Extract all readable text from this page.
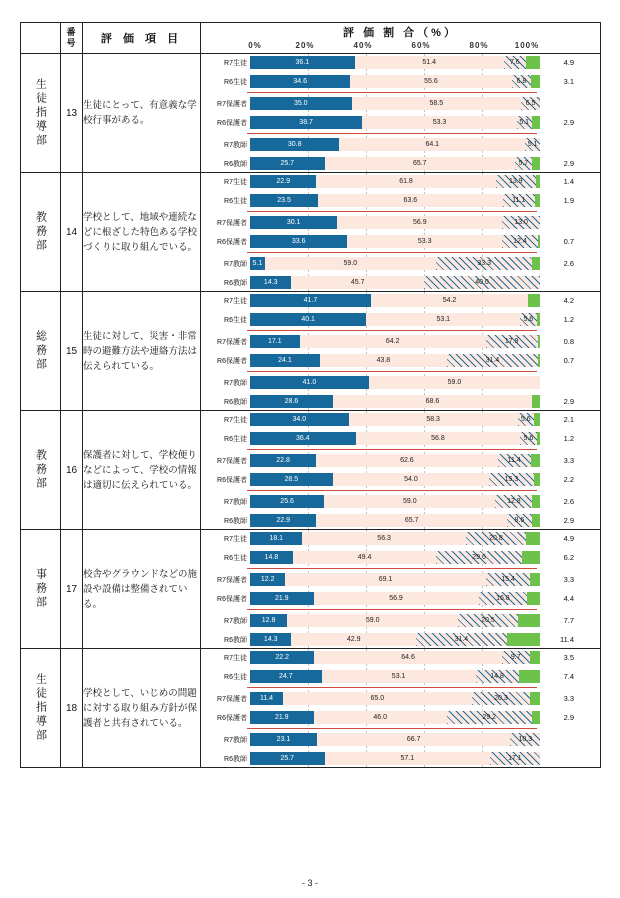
	番
号	評 価 項 目	評 価 割 合（%）
0%	20%	40%	60%	80%	100%

生徒指導部	13	生徒にとって、有意義な学校行事がある。	
R7生徒	36.1	51.4	7.6	4.9
R6生徒	34.6	55.6	6.8	3.1
R7保護者	35.0	58.5	6.5
R6保護者	38.7	53.3	5.1	2.9
R7教師	30.8	64.1	5.1
R6教師	25.7	65.7	5.7	2.9

教務部	14	学校として、地域や連続などに根ざした特色ある学校づくりに取り組んでいる。	
R7生徒	22.9	61.8	13.9	1.4
R6生徒	23.5	63.6	11.1	1.9
R7保護者	30.1	56.9	13.0
R6保護者	33.6	53.3	12.4	0.7
R7教師 5.1	59.0	33.3	2.6
R6教師	14.3	45.7	40.0

総務部	15	生徒に対して、災害・非常時の避難方法や連絡方法は伝えられている。	
R7生徒	41.7	54.2	4.2
R6生徒	40.1	53.1	5.6	1.2
R7保護者	17.1	64.2	17.9	0.8
R6保護者	24.1	43.8	31.4	0.7
R7教師	41.0	59.0
R6教師	28.6	68.6	2.9

教務部	16	保護者に対して、学校便りなどによって、学校の情報は適切に伝えられている。	
R7生徒	34.0	58.3	5.6	2.1
R6生徒	36.4	56.8	5.6	1.2
R7保護者	22.8	62.6	11.4	3.3
R6保護者	28.5	54.0	15.3	2.2
R7教師	25.6	59.0	12.8	2.6
R6教師	22.9	65.7	8.6	2.9

事務部	17	校舎やグラウンドなどの施設や設備は整備されている。	
R7生徒	18.1	56.3	20.8	4.9
R6生徒	14.8	49.4	29.6	6.2
R7保護者	12.2	69.1	15.4	3.3
R6保護者	21.9	56.9	16.8	4.4
R7教師	12.8	59.0	20.5	7.7
R6教師	14.3	42.9	31.4	11.4

生徒指導部	18	学校として、いじめの問題に対する取り組み方針が保護者と共有されている。	
R7生徒	22.2	64.6	9.7	3.5
R6生徒	24.7	53.1	14.8	7.4
R7保護者	11.4	65.0	20.3	3.3
R6保護者	21.9	46.0	29.2	2.9
R7教師	23.1	66.7	10.3
R6教師	25.7	57.1	17.1
- 3 -
